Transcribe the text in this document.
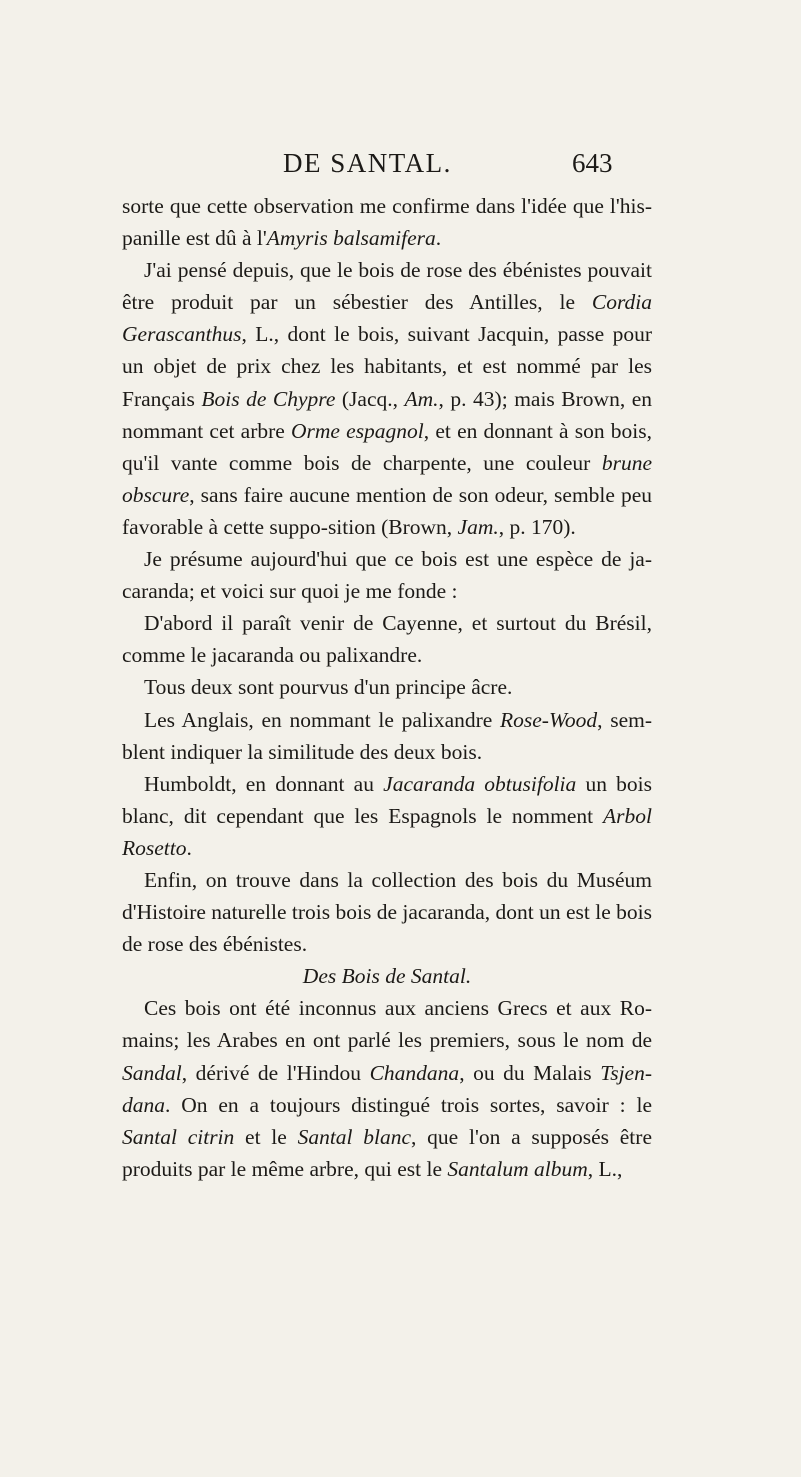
DE SANTAL.	643

sorte que cette observation me confirme dans l'idée que l'his-panille est dû à l'Amyris balsamifera.

J'ai pensé depuis, que le bois de rose des ébénistes pouvait être produit par un sébestier des Antilles, le Cordia Gerascanthus, L., dont le bois, suivant Jacquin, passe pour un objet de prix chez les habitants, et est nommé par les Français Bois de Chypre (Jacq., Am., p. 43); mais Brown, en nommant cet arbre Orme espagnol, et en donnant à son bois, qu'il vante comme bois de charpente, une couleur brune obscure, sans faire aucune mention de son odeur, semble peu favorable à cette suppo-sition (Brown, Jam., p. 170).

Je présume aujourd'hui que ce bois est une espèce de ja-caranda; et voici sur quoi je me fonde :

D'abord il paraît venir de Cayenne, et surtout du Brésil, comme le jacaranda ou palixandre.

Tous deux sont pourvus d'un principe âcre.

Les Anglais, en nommant le palixandre Rose-Wood, sem-blent indiquer la similitude des deux bois.

Humboldt, en donnant au Jacaranda obtusifolia un bois blanc, dit cependant que les Espagnols le nomment Arbol Rosetto.

Enfin, on trouve dans la collection des bois du Muséum d'Histoire naturelle trois bois de jacaranda, dont un est le bois de rose des ébénistes.

Des Bois de Santal.

Ces bois ont été inconnus aux anciens Grecs et aux Ro-mains; les Arabes en ont parlé les premiers, sous le nom de Sandal, dérivé de l'Hindou Chandana, ou du Malais Tsjen-dana. On en a toujours distingué trois sortes, savoir : le Santal citrin et le Santal blanc, que l'on a supposés être produits par le même arbre, qui est le Santalum album, L.,
